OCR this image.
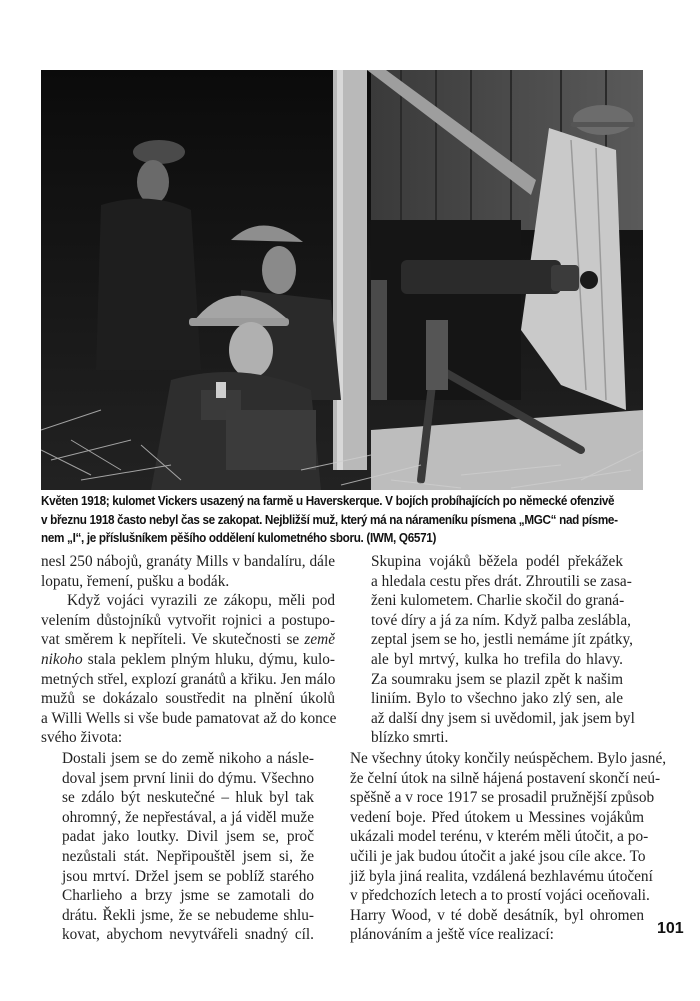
Květen 1918; kulomet Vickers usazený na farmě u Haverskerque. V bojích probíhajících po německé ofenzivě
v březnu 1918 často nebyl čas se zakopat. Nejbližší muž, který má na nárameníku písmena „MGC“ nad písme-
nem „I“, je příslušníkem pěšího oddělení kulometného sboru. (IWM, Q6571)
nesl 250 nábojů, granáty Mills v bandalíru, dále
lopatu, řemení, pušku a bodák.
Když vojáci vyrazili ze zákopu, měli pod
velením důstojníků vytvořit rojnici a postupo-
vat směrem k nepříteli. Ve skutečnosti se země
nikoho stala peklem plným hluku, dýmu, kulo-
metných střel, explozí granátů a křiku. Jen málo
mužů se dokázalo soustředit na plnění úkolů
a Willi Wells si vše bude pamatovat až do konce
svého života:
Dostali jsem se do země nikoho a násle-
doval jsem první linii do dýmu. Všechno
se zdálo být neskutečné – hluk byl tak
ohromný, že nepřestával, a já viděl muže
padat jako loutky. Divil jsem se, proč
nezůstali stát. Nepřipouštěl jsem si, že
jsou mrtví. Držel jsem se poblíž starého
Charlieho a brzy jsme se zamotali do
drátu. Řekli jsme, že se nebudeme shlu-
kovat, abychom nevytvářeli snadný cíl.
Skupina vojáků běžela podél překážek
a hledala cestu přes drát. Zhroutili se zasa-
ženi kulometem. Charlie skočil do graná-
tové díry a já za ním. Když palba zeslábla,
zeptal jsem se ho, jestli nemáme jít zpátky,
ale byl mrtvý, kulka ho trefila do hlavy.
Za soumraku jsem se plazil zpět k našim
liniím. Bylo to všechno jako zlý sen, ale
až další dny jsem si uvědomil, jak jsem byl
blízko smrti.
Ne všechny útoky končily neúspěchem. Bylo jasné,
že čelní útok na silně hájená postavení skončí neú-
spěšně a v roce 1917 se prosadil pružnější způsob
vedení boje. Před útokem u Messines vojákům
ukázali model terénu, v kterém měli útočit, a po-
učili je jak budou útočit a jaké jsou cíle akce. To
již byla jiná realita, vzdálená bezhlavému útočení
v předchozích letech a to prostí vojáci oceňovali.
Harry Wood, v té době desátník, byl ohromen
plánováním a ještě více realizací:	101
